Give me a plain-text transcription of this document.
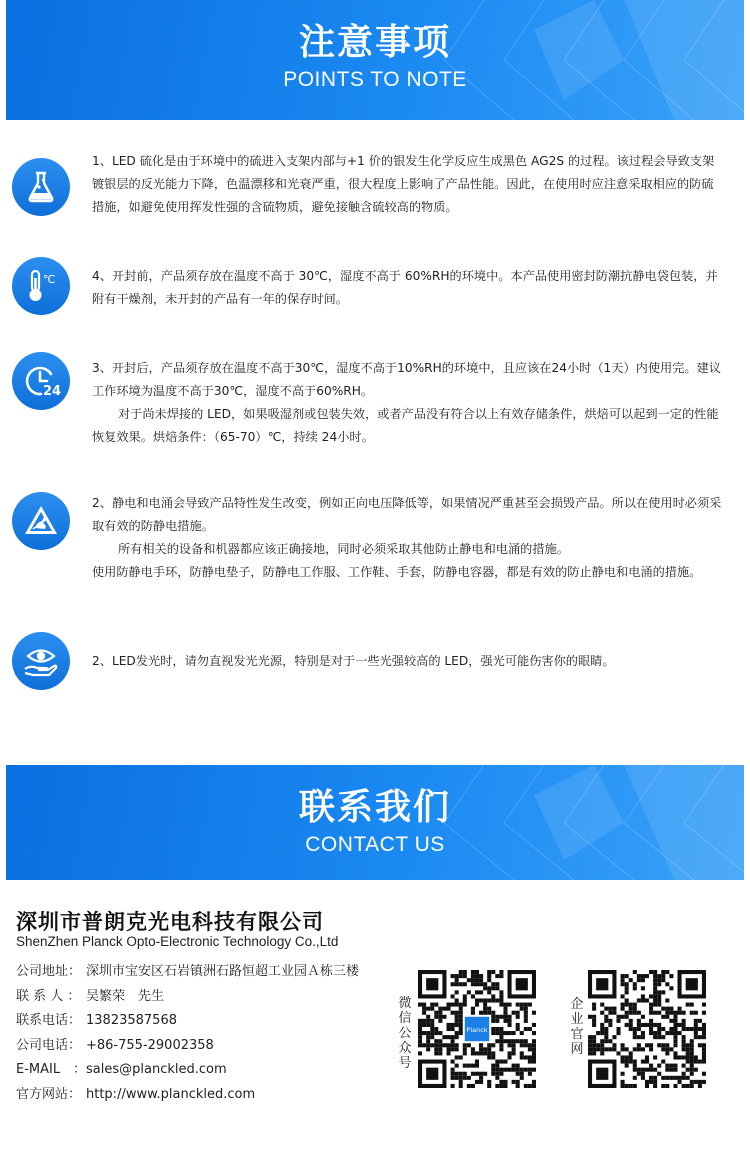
注意事项
POINTS TO NOTE

1、LED 硫化是由于环境中的硫进入支架内部与+1 价的银发生化学反应生成黑色 AG2S 的过程。该过程会导致支架镀银层的反光能力下降，色温漂移和光衰严重，很大程度上影响了产品性能。因此，在使用时应注意采取相应的防硫措施，如避免使用挥发性强的含硫物质，避免接触含硫较高的物质。

℃	4、开封前，产品须存放在温度不高于 30℃，湿度不高于 60%RH的环境中。本产品使用密封防潮抗静电袋包装，并附有干燥剂，未开封的产品有一年的保存时间。

24

3、开封后，产品须存放在温度不高于30℃，湿度不高于10%RH的环境中，且应该在24小时（1天）内使用完。建议工作环境为温度不高于30℃，湿度不高于60%RH。

对于尚未焊接的 LED，如果吸湿剂或包装失效，或者产品没有符合以上有效存储条件，烘焙可以起到一定的性能恢复效果。烘焙条件：（65-70）℃，持续 24小时。

2、静电和电涌会导致产品特性发生改变，例如正向电压降低等，如果情况严重甚至会损毁产品。所以在使用时必须采取有效的防静电措施。

所有相关的设备和机器都应该正确接地，同时必须采取其他防止静电和电涌的措施。

使用防静电手环，防静电垫子，防静电工作服、工作鞋、手套，防静电容器，都是有效的防止静电和电涌的措施。

2、LED发光时，请勿直视发光光源，特别是对于一些光强较高的 LED，强光可能伤害你的眼睛。

联系我们
CONTACT US
深圳市普朗克光电科技有限公司
ShenZhen Planck Opto-Electronic Technology Co.,Ltd
公司地址： 深圳市宝安区石岩镇洲石路恒超工业园Ａ栋三楼
联 系 人 ： 吴繁荣　先生
联系电话： 13823587568
公司电话： +86-755-29002358
E-MAIL　：sales@planckled.com
官方网站： http://www.planckled.com
微信公众号
Planck
企业官网
